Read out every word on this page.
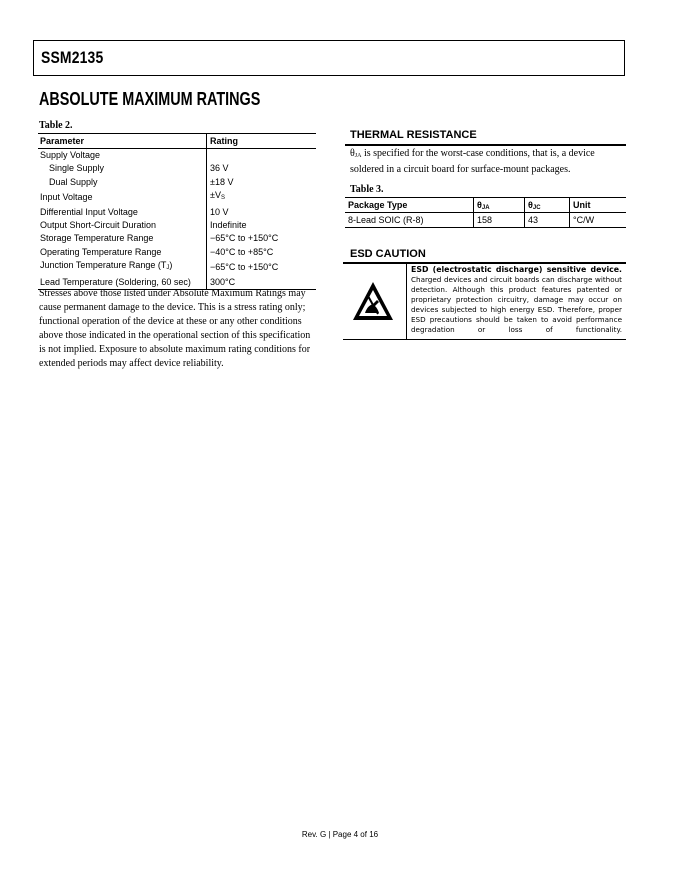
SSM2135
ABSOLUTE MAXIMUM RATINGS
Table 2.
Parameter	Rating
Supply Voltage	
Single Supply	36 V
Dual Supply	±18 V
Input Voltage	$\pm V_S$
Differential Input Voltage	10 V
Output Short-Circuit Duration	Indefinite
Storage Temperature Range	−65°C to +150°C
Operating Temperature Range	−40°C to +85°C
Junction Temperature Range $(T_J)$	−65°C to +150°C
Lead Temperature (Soldering, 60 sec)	300°C
Stresses above those listed under Absolute Maximum Ratings may cause permanent damage to the device. This is a stress rating only; functional operation of the device at these or any other conditions above those indicated in the operational section of this specification is not implied. Exposure to absolute maximum rating conditions for extended periods may affect device reliability.
THERMAL RESISTANCE
$\theta_{JA}$ is specified for the worst-case conditions, that is, a device soldered in a circuit board for surface-mount packages.
Table 3.
Package Type	$\theta_{JA}$	$\theta_{JC}$	Unit
8-Lead SOIC (R-8)	158	43	°C/W
ESD CAUTION
ESD (electrostatic discharge) sensitive device. Charged devices and circuit boards can discharge without detection. Although this product features patented or proprietary protection circuitry, damage may occur on devices subjected to high energy ESD. Therefore, proper ESD precautions should be taken to avoid performance degradation or loss of functionality.
Rev. G | Page 4 of 16
